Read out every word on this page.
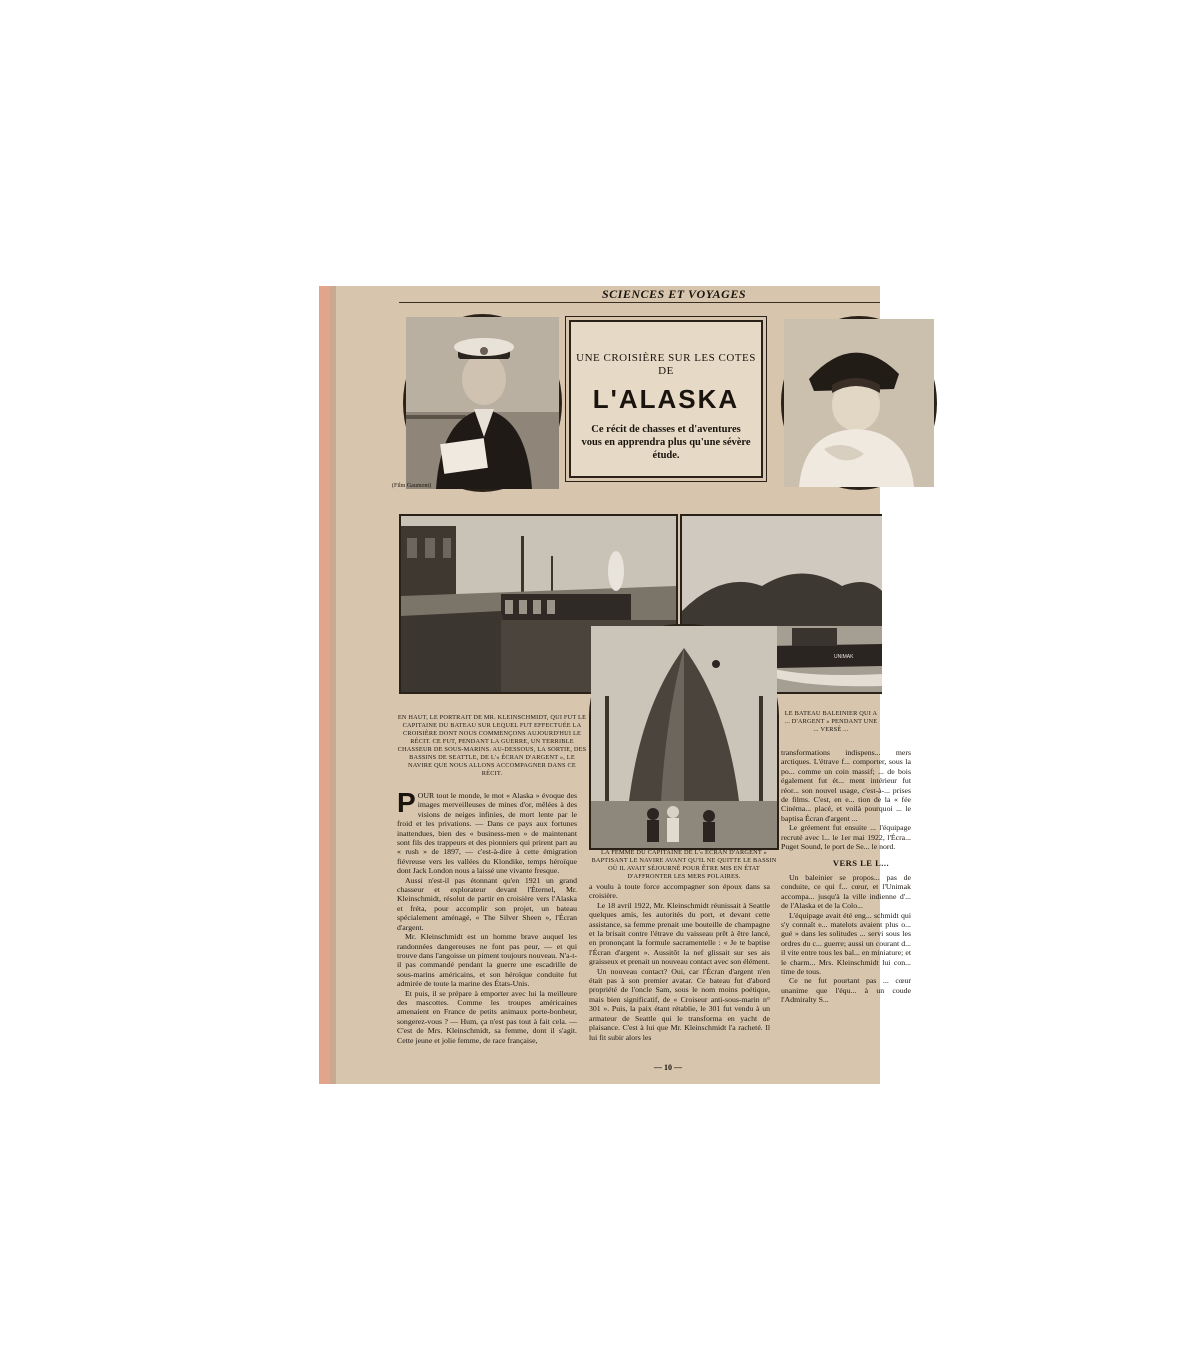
SCIENCES ET VOYAGES
(Film Gaumont)
UNE CROISIÈRE SUR LES COTES DE
L'ALASKA
Ce récit de chasses et d'aventures vous en apprendra plus qu'une sévère étude.
UNIMAK
EN HAUT, LE PORTRAIT DE MR. KLEINSCHMIDT, QUI FUT LE CAPITAINE DU BATEAU SUR LEQUEL FUT EFFECTUÉE LA CROISIÈRE DONT NOUS COMMENÇONS AUJOURD'HUI LE RÉCIT. CE FUT, PENDANT LA GUERRE, UN TERRIBLE CHASSEUR DE SOUS-MARINS. AU-DESSOUS, LA SORTIE, DES BASSINS DE SEATTLE, DE L'« ÉCRAN D'ARGENT », LE NAVIRE QUE NOUS ALLONS ACCOMPAGNER DANS CE RÉCIT.
LA FEMME DU CAPITAINE DE L'« ÉCRAN D'ARGENT » BAPTISANT LE NAVIRE AVANT QU'IL NE QUITTE LE BASSIN OÙ IL AVAIT SÉJOURNÉ POUR ÊTRE MIS EN ÉTAT D'AFFRONTER LES MERS POLAIRES.
LE BATEAU BALEINIER QUI A ... D'ARGENT » PENDANT UNE ... VERSÉ ...
P OUR tout le monde, le mot « Alaska » évoque des images merveilleuses de mines d'or, mêlées à des visions de neiges infinies, de mort lente par le froid et les privations. — Dans ce pays aux fortunes inattendues, bien des « business-men » de maintenant sont fils des trappeurs et des pionniers qui prirent part au « rush » de 1897, — c'est-à-dire à cette émigration fiévreuse vers les vallées du Klondike, temps héroïque dont Jack London nous a laissé une vivante fresque.

Aussi n'est-il pas étonnant qu'en 1921 un grand chasseur et explorateur devant l'Éternel, Mr. Kleinschmidt, résolut de partir en croisière vers l'Alaska et fréta, pour accomplir son projet, un bateau spécialement aménagé, « The Silver Sheen », l'Écran d'argent.

Mr. Kleinschmidt est un homme brave auquel les randonnées dangereuses ne font pas peur, — et qui trouve dans l'angoisse un piment toujours nouveau. N'a-t-il pas commandé pendant la guerre une escadrille de sous-marins américains, et son héroïque conduite fut admirée de toute la marine des États-Unis.

Et puis, il se prépare à emporter avec lui la meilleure des mascottes. Comme les troupes américaines amenaient en France de petits animaux porte-bonheur, songerez-vous ? — Hum, ça n'est pas tout à fait cela. — C'est de Mrs. Kleinschmidt, sa femme, dont il s'agit. Cette jeune et jolie femme, de race française,

a voulu à toute force accompagner son époux dans sa croisière.

Le 18 avril 1922, Mr. Kleinschmidt réunissait à Seattle quelques amis, les autorités du port, et devant cette assistance, sa femme prenait une bouteille de champagne et la brisait contre l'étrave du vaisseau prêt à être lancé, en prononçant la formule sacramentelle : « Je te baptise l'Écran d'argent ». Aussitôt la nef glissait sur ses ais graisseux et prenait un nouveau contact avec son élément.

Un nouveau contact? Oui, car l'Écran d'argent n'en était pas à son premier avatar. Ce bateau fut d'abord propriété de l'oncle Sam, sous le nom moins poétique, mais bien significatif, de « Croiseur anti-sous-marin n° 301 ». Puis, la paix étant rétablie, le 301 fut vendu à un armateur de Seattle qui le transforma en yacht de plaisance. C'est à lui que Mr. Kleinschmidt l'a racheté. Il lui fit subir alors les

transformations indispens... mers arctiques. L'étrave f... comporter, sous la po... comme un coin massif; ... de bois également fut ét... ment intérieur fut réor... son nouvel usage, c'est-à-... prises de films. C'est, en e... tion de la « fée Cinéma... placé, et voilà pourquoi ... le baptisa Écran d'argent ...

Le gréement fut ensuite ... l'équipage recruté avec l... le 1er mai 1922, l'Écra... Puget Sound, le port de Se... le nord.

VERS LE L...

Un baleinier se propos... pas de conduite, ce qui f... cœur, et l'Unimak accompa... jusqu'à la ville indienne d'... de l'Alaska et de la Colo...

L'équipage avait été eng... schmidt qui s'y connaît e... matelots avaient plus o... gué » dans les solitudes ... servi sous les ordres du c... guerre; aussi un courant d... il vite entre tous les bal... en miniature; et le charm... Mrs. Kleinschmidt lui con... time de tous.

Ce ne fut pourtant pas ... cœur unanime que l'équ... à un coude l'Admiralty S...

— 10 —
